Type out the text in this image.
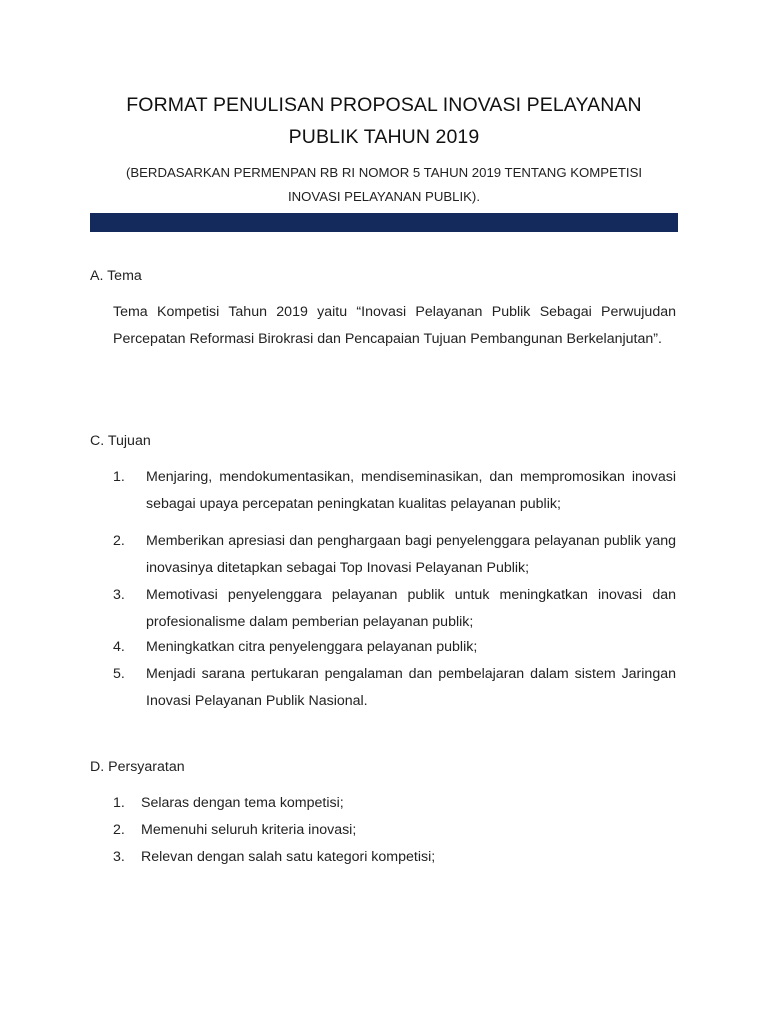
FORMAT PENULISAN PROPOSAL INOVASI PELAYANAN
PUBLIK TAHUN 2019
(BERDASARKAN PERMENPAN RB RI NOMOR 5 TAHUN 2019 TENTANG KOMPETISI
INOVASI PELAYANAN PUBLIK).
A. Tema
Tema Kompetisi Tahun 2019 yaitu “Inovasi Pelayanan Publik Sebagai Perwujudan Percepatan Reformasi Birokrasi dan Pencapaian Tujuan Pembangunan Berkelanjutan”.
C. Tujuan
1.	Menjaring, mendokumentasikan, mendiseminasikan, dan mempromosikan inovasi sebagai upaya percepatan peningkatan kualitas pelayanan publik;
2.	Memberikan apresiasi dan penghargaan bagi penyelenggara pelayanan publik yang inovasinya ditetapkan sebagai Top Inovasi Pelayanan Publik;
3.	Memotivasi penyelenggara pelayanan publik untuk meningkatkan inovasi dan profesionalisme dalam pemberian pelayanan publik;
4.	Meningkatkan citra penyelenggara pelayanan publik;
5.	Menjadi sarana pertukaran pengalaman dan pembelajaran dalam sistem Jaringan Inovasi Pelayanan Publik Nasional.
D. Persyaratan
1.	Selaras dengan tema kompetisi;
2.	Memenuhi seluruh kriteria inovasi;
3.	Relevan dengan salah satu kategori kompetisi;
